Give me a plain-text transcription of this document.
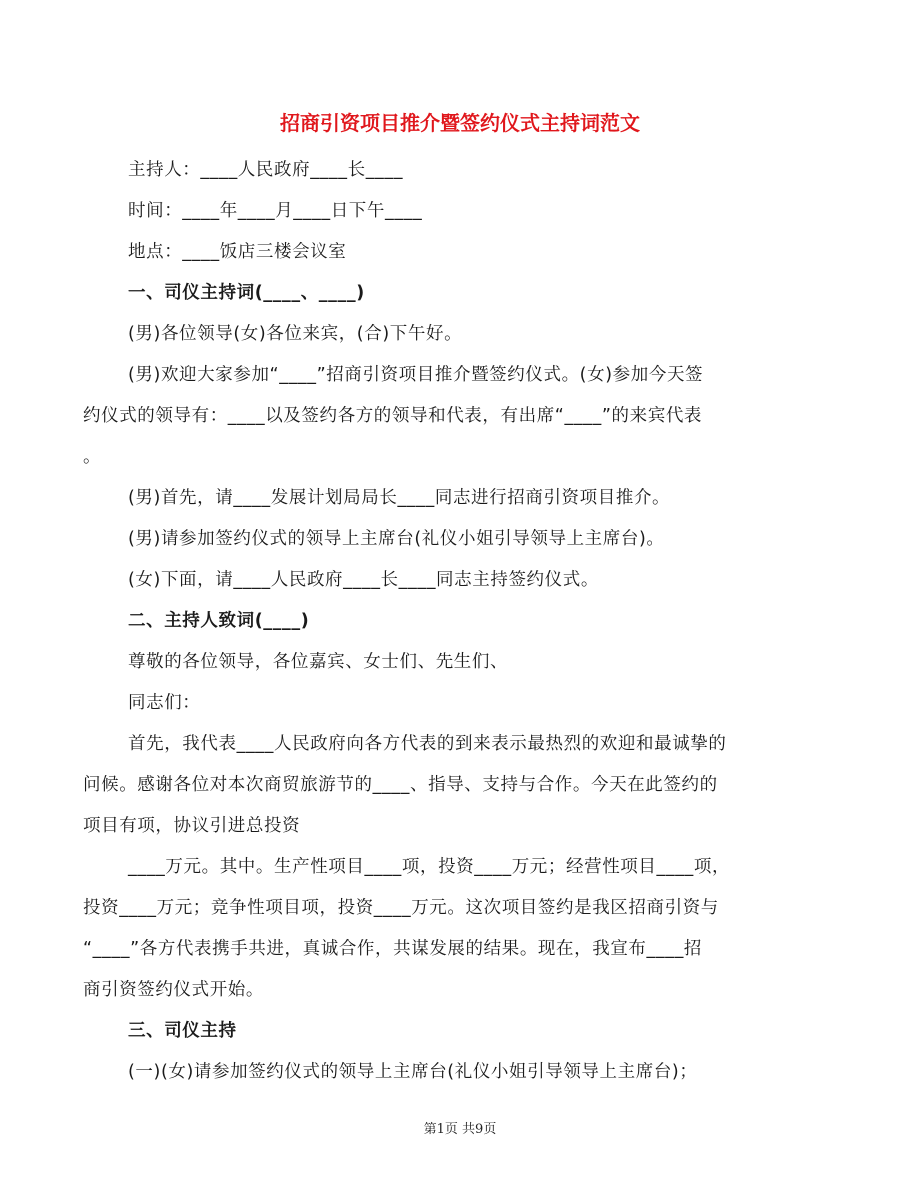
招商引资项目推介暨签约仪式主持词范文
主持人：____人民政府____长____
时间：____年____月____日下午____
地点：____饭店三楼会议室
一、司仪主持词(____、____)
(男)各位领导(女)各位来宾，(合)下午好。
(男)欢迎大家参加“____”招商引资项目推介暨签约仪式。(女)参加今天签
约仪式的领导有：____以及签约各方的领导和代表，有出席“____”的来宾代表
。
(男)首先，请____发展计划局局长____同志进行招商引资项目推介。
(男)请参加签约仪式的领导上主席台(礼仪小姐引导领导上主席台)。
(女)下面，请____人民政府____长____同志主持签约仪式。
二、主持人致词(____)
尊敬的各位领导，各位嘉宾、女士们、先生们、
同志们：
首先，我代表____人民政府向各方代表的到来表示最热烈的欢迎和最诚挚的
问候。感谢各位对本次商贸旅游节的____、指导、支持与合作。今天在此签约的
项目有项，协议引进总投资
____万元。其中。生产性项目____项，投资____万元；经营性项目____项，
投资____万元；竞争性项目项，投资____万元。这次项目签约是我区招商引资与
“____”各方代表携手共进，真诚合作，共谋发展的结果。现在，我宣布____招
商引资签约仪式开始。
三、司仪主持
(一)(女)请参加签约仪式的领导上主席台(礼仪小姐引导领导上主席台)；
第1页 共9页
